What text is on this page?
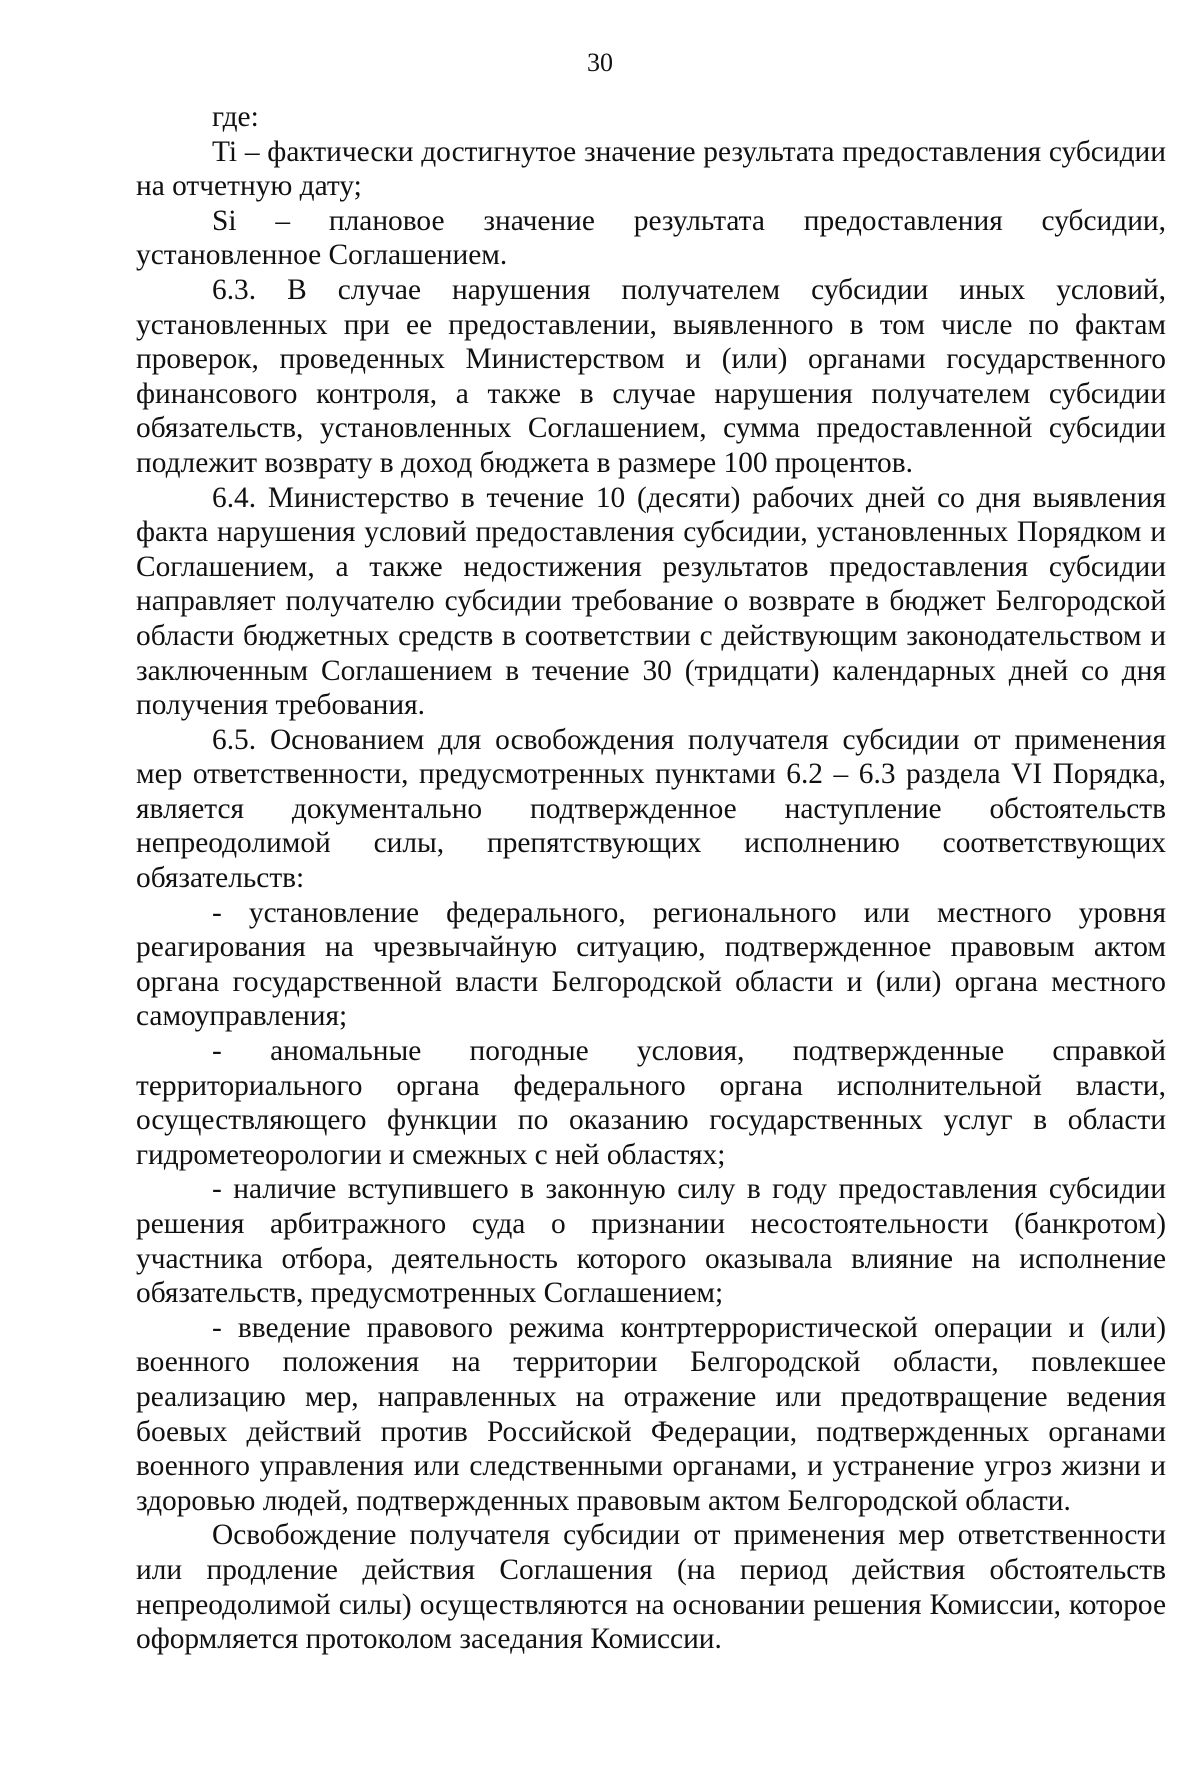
30

где:

Ti – фактически достигнутое значение результата предоставления субсидии на отчетную дату;

Si – плановое значение результата предоставления субсидии, установленное Соглашением.

6.3. В случае нарушения получателем субсидии иных условий, установленных при ее предоставлении, выявленного в том числе по фактам проверок, проведенных Министерством и (или) органами государственного финансового контроля, а также в случае нарушения получателем субсидии обязательств, установленных Соглашением, сумма предоставленной субсидии подлежит возврату в доход бюджета в размере 100 процентов.

6.4. Министерство в течение 10 (десяти) рабочих дней со дня выявления факта нарушения условий предоставления субсидии, установленных Порядком и Соглашением, а также недостижения результатов предоставления субсидии направляет получателю субсидии требование о возврате в бюджет Белгородской области бюджетных средств в соответствии с действующим законодательством и заключенным Соглашением в течение 30 (тридцати) календарных дней со дня получения требования.

6.5. Основанием для освобождения получателя субсидии от применения мер ответственности, предусмотренных пунктами 6.2 – 6.3 раздела VI Порядка, является документально подтвержденное наступление обстоятельств непреодолимой силы, препятствующих исполнению соответствующих обязательств:

- установление федерального, регионального или местного уровня реагирования на чрезвычайную ситуацию, подтвержденное правовым актом органа государственной власти Белгородской области и (или) органа местного самоуправления;

- аномальные погодные условия, подтвержденные справкой территориального органа федерального органа исполнительной власти, осуществляющего функции по оказанию государственных услуг в области гидрометеорологии и смежных с ней областях;

- наличие вступившего в законную силу в году предоставления субсидии решения арбитражного суда о признании несостоятельности (банкротом) участника отбора, деятельность которого оказывала влияние на исполнение обязательств, предусмотренных Соглашением;

- введение правового режима контртеррористической операции и (или) военного положения на территории Белгородской области, повлекшее реализацию мер, направленных на отражение или предотвращение ведения боевых действий против Российской Федерации, подтвержденных органами военного управления или следственными органами, и устранение угроз жизни и здоровью людей, подтвержденных правовым актом Белгородской области.

Освобождение получателя субсидии от применения мер ответственности или продление действия Соглашения (на период действия обстоятельств непреодолимой силы) осуществляются на основании решения Комиссии, которое оформляется протоколом заседания Комиссии.
